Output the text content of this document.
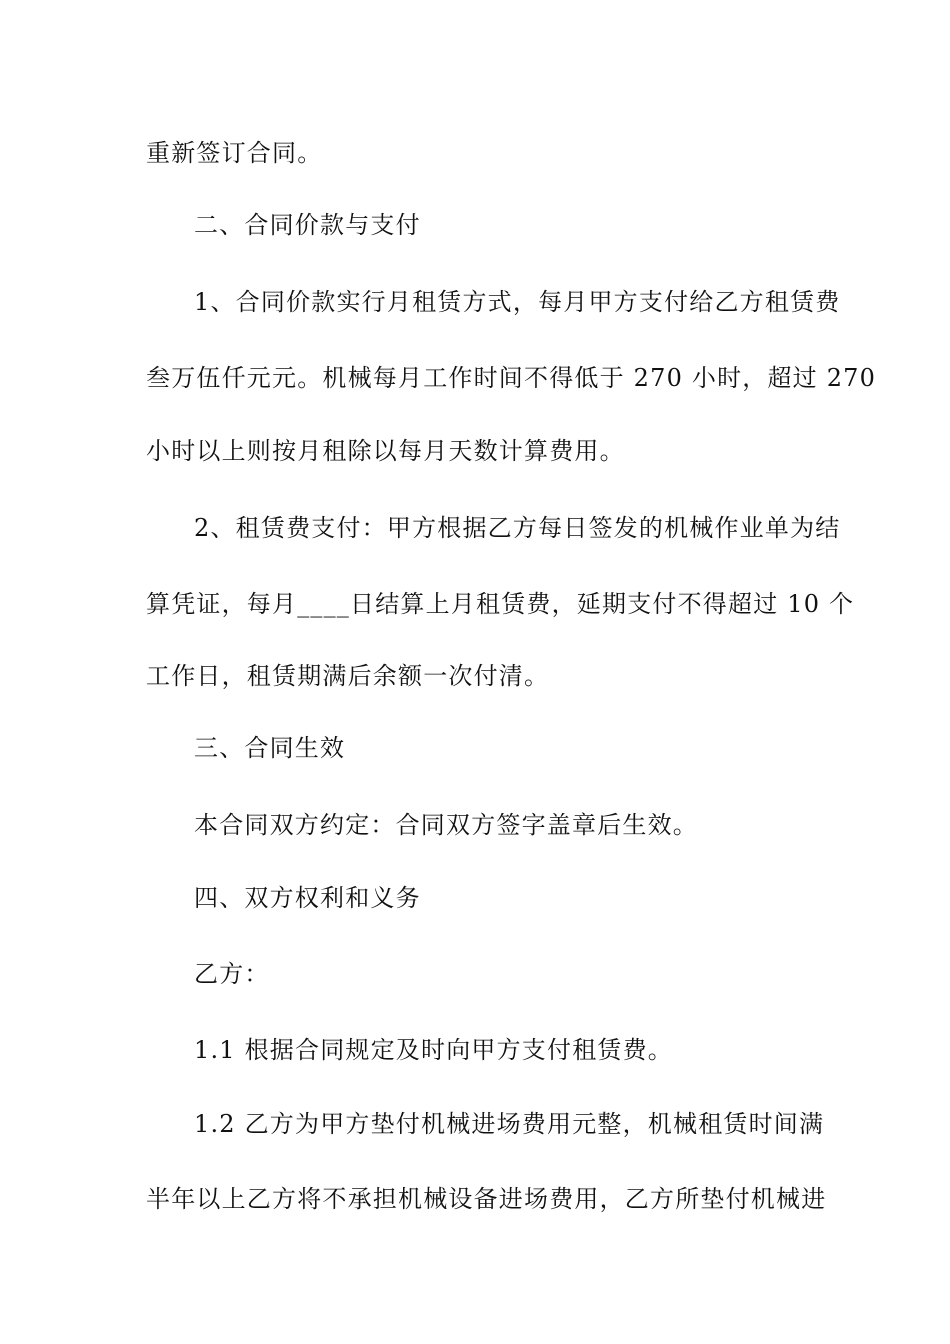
重新签订合同。
二、合同价款与支付
1、合同价款实行月租赁方式，每月甲方支付给乙方租赁费
叁万伍仟元元。机械每月工作时间不得低于 270 小时，超过 270
小时以上则按月租除以每月天数计算费用。
2、租赁费支付：甲方根据乙方每日签发的机械作业单为结
算凭证，每月____日结算上月租赁费，延期支付不得超过 10 个
工作日，租赁期满后余额一次付清。
三、合同生效
本合同双方约定：合同双方签字盖章后生效。
四、双方权利和义务
乙方：
1.1 根据合同规定及时向甲方支付租赁费。
1.2 乙方为甲方垫付机械进场费用元整，机械租赁时间满
半年以上乙方将不承担机械设备进场费用，乙方所垫付机械进
